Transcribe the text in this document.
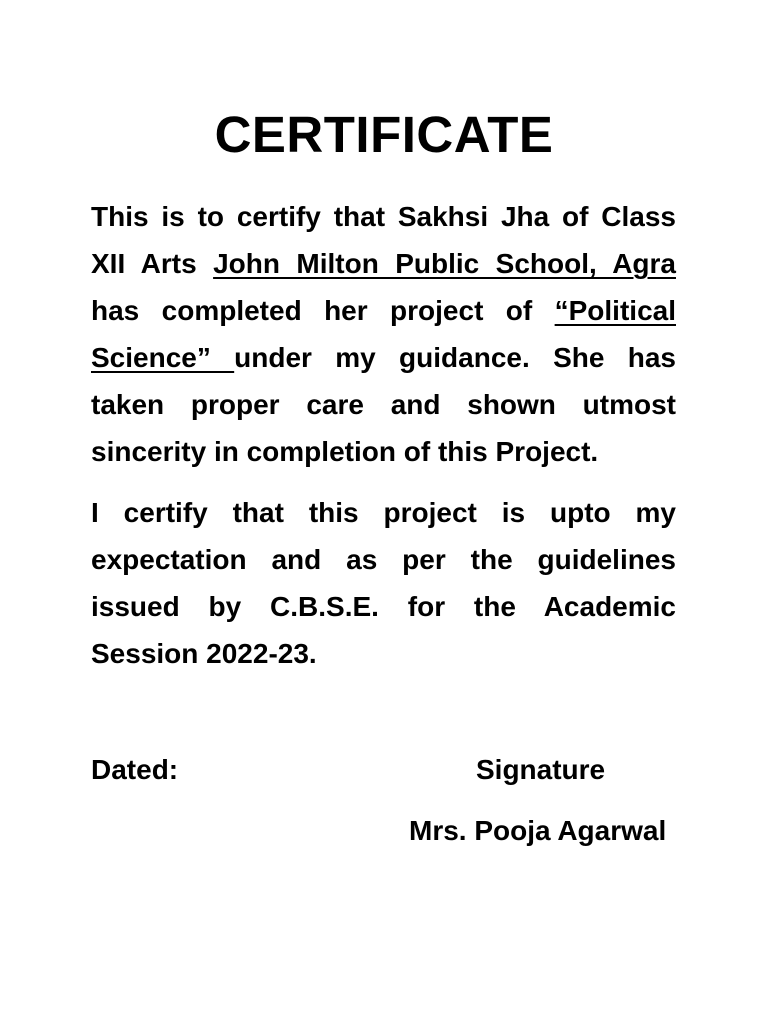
CERTIFICATE

This is to certify that Sakhsi Jha of Class XII Arts John Milton Public School, Agra has completed her project of “Political Science” under my guidance. She has taken proper care and shown utmost sincerity in completion of this Project.

I certify that this project is upto my expectation and as per the guidelines issued by C.B.S.E. for the Academic Session 2022-23.

Dated:	Signature

Mrs. Pooja Agarwal
